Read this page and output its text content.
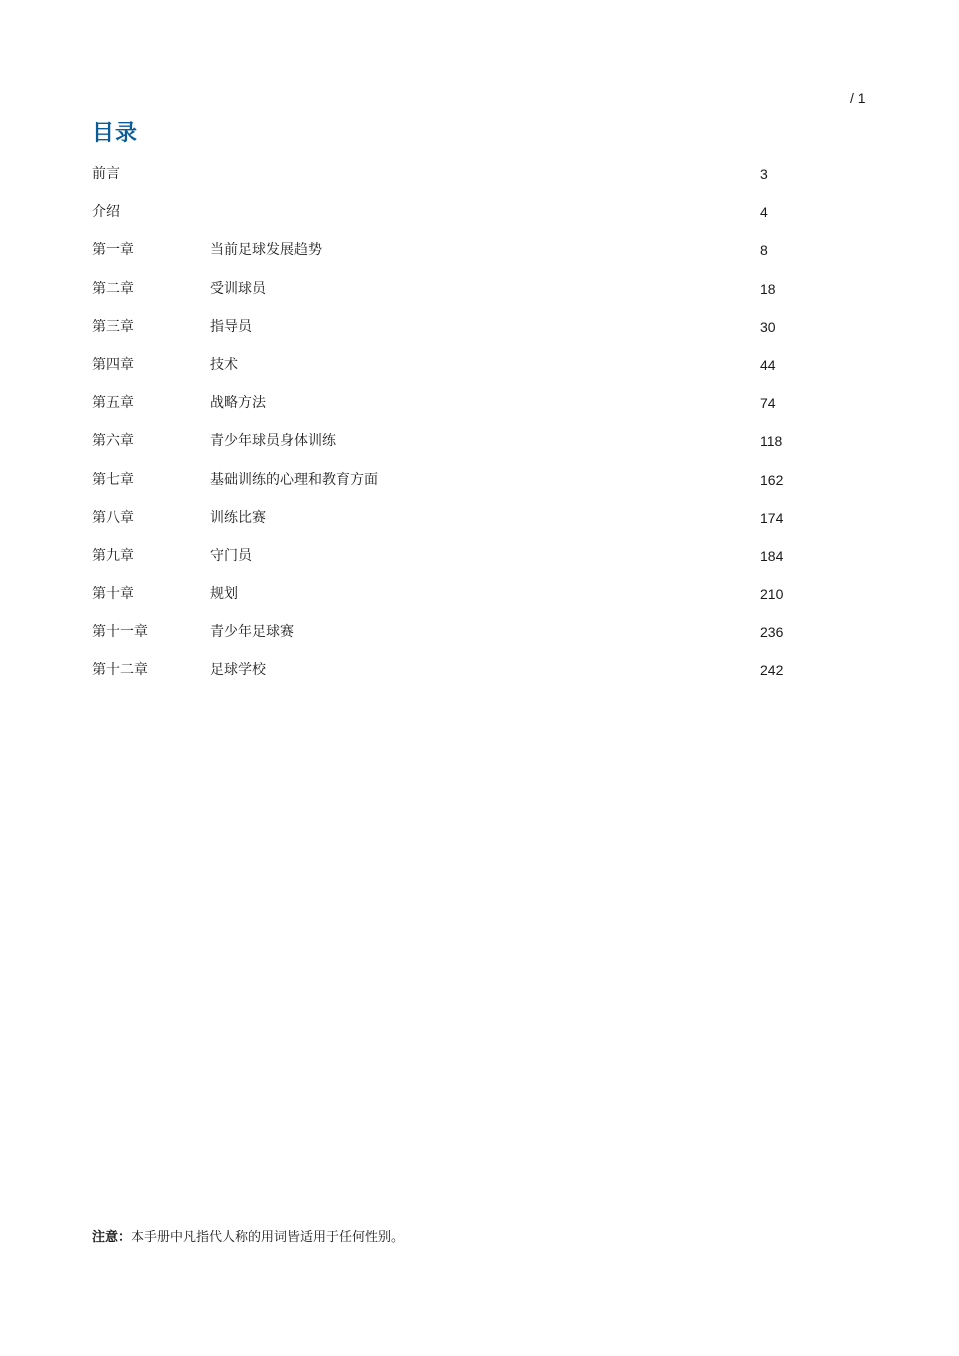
/ 1
目录
前言	3
介绍	4
第一章	当前足球发展趋势	8
第二章	受训球员	18
第三章	指导员	30
第四章	技术	44
第五章	战略方法	74
第六章	青少年球员身体训练	118
第七章	基础训练的心理和教育方面	162
第八章	训练比赛	174
第九章	守门员	184
第十章	规划	210
第十一章	青少年足球赛	236
第十二章	足球学校	242
注意：本手册中凡指代人称的用词皆适用于任何性别。
